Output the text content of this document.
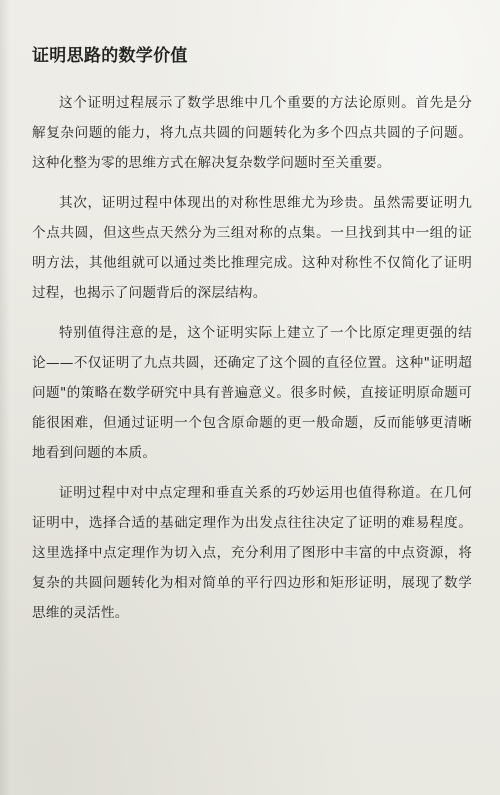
证明思路的数学价值

这个证明过程展示了数学思维中几个重要的方法论原则。首先是分解复杂问题的能力，将九点共圆的问题转化为多个四点共圆的子问题。这种化整为零的思维方式在解决复杂数学问题时至关重要。

其次，证明过程中体现出的对称性思维尤为珍贵。虽然需要证明九个点共圆，但这些点天然分为三组对称的点集。一旦找到其中一组的证明方法，其他组就可以通过类比推理完成。这种对称性不仅简化了证明过程，也揭示了问题背后的深层结构。

特别值得注意的是，这个证明实际上建立了一个比原定理更强的结论——不仅证明了九点共圆，还确定了这个圆的直径位置。这种"证明超问题"的策略在数学研究中具有普遍意义。很多时候，直接证明原命题可能很困难，但通过证明一个包含原命题的更一般命题，反而能够更清晰地看到问题的本质。

证明过程中对中点定理和垂直关系的巧妙运用也值得称道。在几何证明中，选择合适的基础定理作为出发点往往决定了证明的难易程度。这里选择中点定理作为切入点，充分利用了图形中丰富的中点资源，将复杂的共圆问题转化为相对简单的平行四边形和矩形证明，展现了数学思维的灵活性。
